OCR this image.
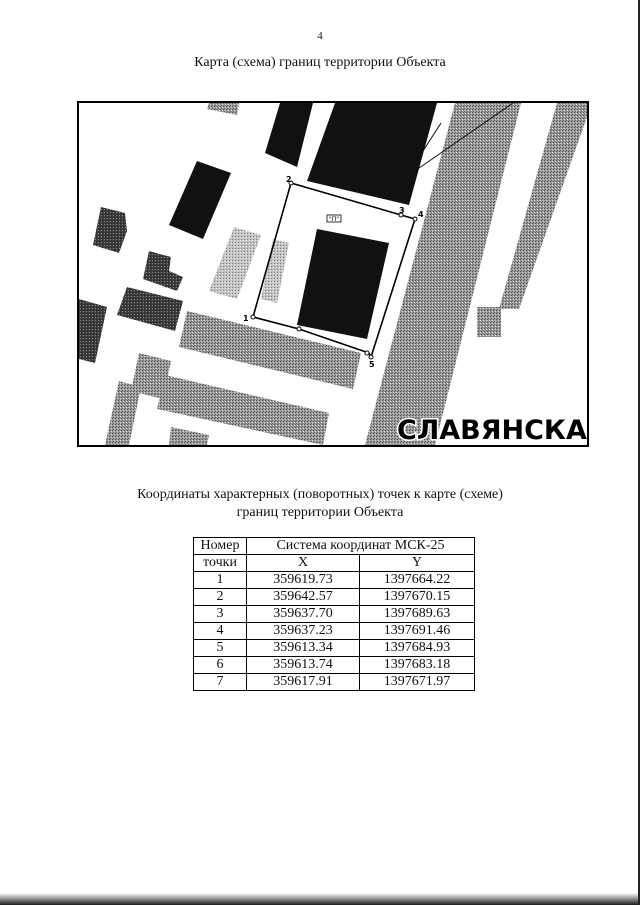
4
Карта (схема) границ территории Объекта
"П"
1
2
3 4
5
СЛАВЯНСКА
Координаты характерных (поворотных) точек к карте (схеме)
границ территории Объекта
Номер	Система координат МСК-25	
точки	X	Y
1	359619.73	1397664.22
2	359642.57	1397670.15
3	359637.70	1397689.63
4	359637.23	1397691.46
5	359613.34	1397684.93
6	359613.74	1397683.18
7	359617.91	1397671.97
